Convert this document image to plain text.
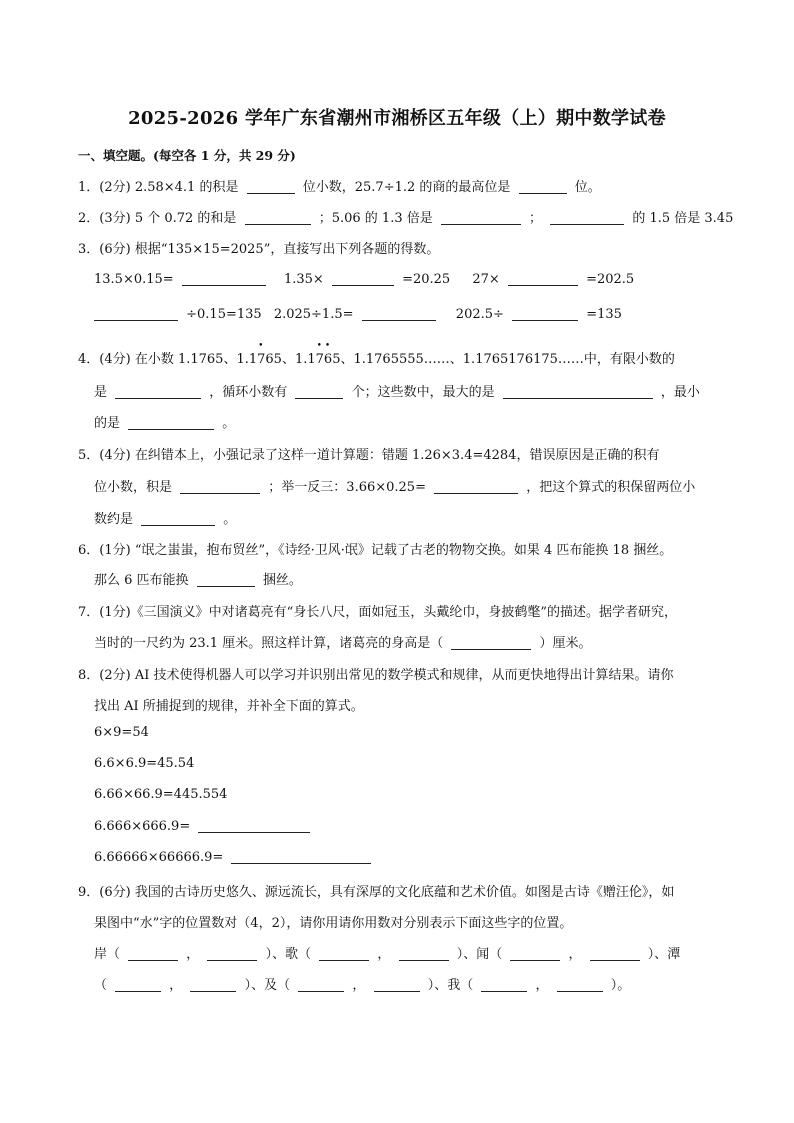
2025-2026 学年广东省潮州市湘桥区五年级（上）期中数学试卷
一、填空题。(每空各 1 分，共 29 分)
1．(2分) 2.58×4.1 的积是	位小数，25.7÷1.2 的商的最高位是	位。
2．(3分) 5 个 0.72 的和是	；5.06 的 1.3 倍是	；	的 1.5 倍是 3.45
3．(6分) 根据“135×15=2025”，直接写出下列各题的得数。
13.5×0.15=	1.35×	=20.25 27×	=202.5
÷0.15=135 2.025÷1.5=	202.5÷	=135
4．(4分) 在小数 1.1765、1.1• 765、1.1• 7• 65、1.1765555……、1.1765176175……中，有限小数的
是	，循环小数有	个；这些数中，最大的是	，最小
的是	。
5．(4分) 在纠错本上，小强记录了这样一道计算题：错题 1.26×3.4=4284，错误原因是正确的积有
位小数，积是	；举一反三：3.66×0.25=	，把这个算式的积保留两位小
数约是	。
6．(1分) “氓之蚩蚩，抱布贸丝”，《诗经·卫风·氓》记载了古老的物物交换。如果 4 匹布能换 18 捆丝。
那么 6 匹布能换	捆丝。
7．(1分)《三国演义》中对诸葛亮有“身长八尺，面如冠玉，头戴纶巾，身披鹤氅”的描述。据学者研究，
当时的一尺约为 23.1 厘米。照这样计算，诸葛亮的身高是（	）厘米。
8．(2分) AI 技术使得机器人可以学习并识别出常见的数学模式和规律，从而更快地得出计算结果。请你
找出 AI 所捕捉到的规律，并补全下面的算式。
6×9=54
6.6×6.9=45.54
6.66×66.9=445.554
6.666×666.9=
6.66666×66666.9=
9．(6分) 我国的古诗历史悠久、源远流长，具有深厚的文化底蕴和艺术价值。如图是古诗《赠汪伦》，如
果图中“水”字的位置数对（4，2），请你用请你用数对分别表示下面这些字的位置。
岸（	，	）、歌（	，	）、闻（	，	）、潭
（	，	）、及（	，	）、我（	，	）。
